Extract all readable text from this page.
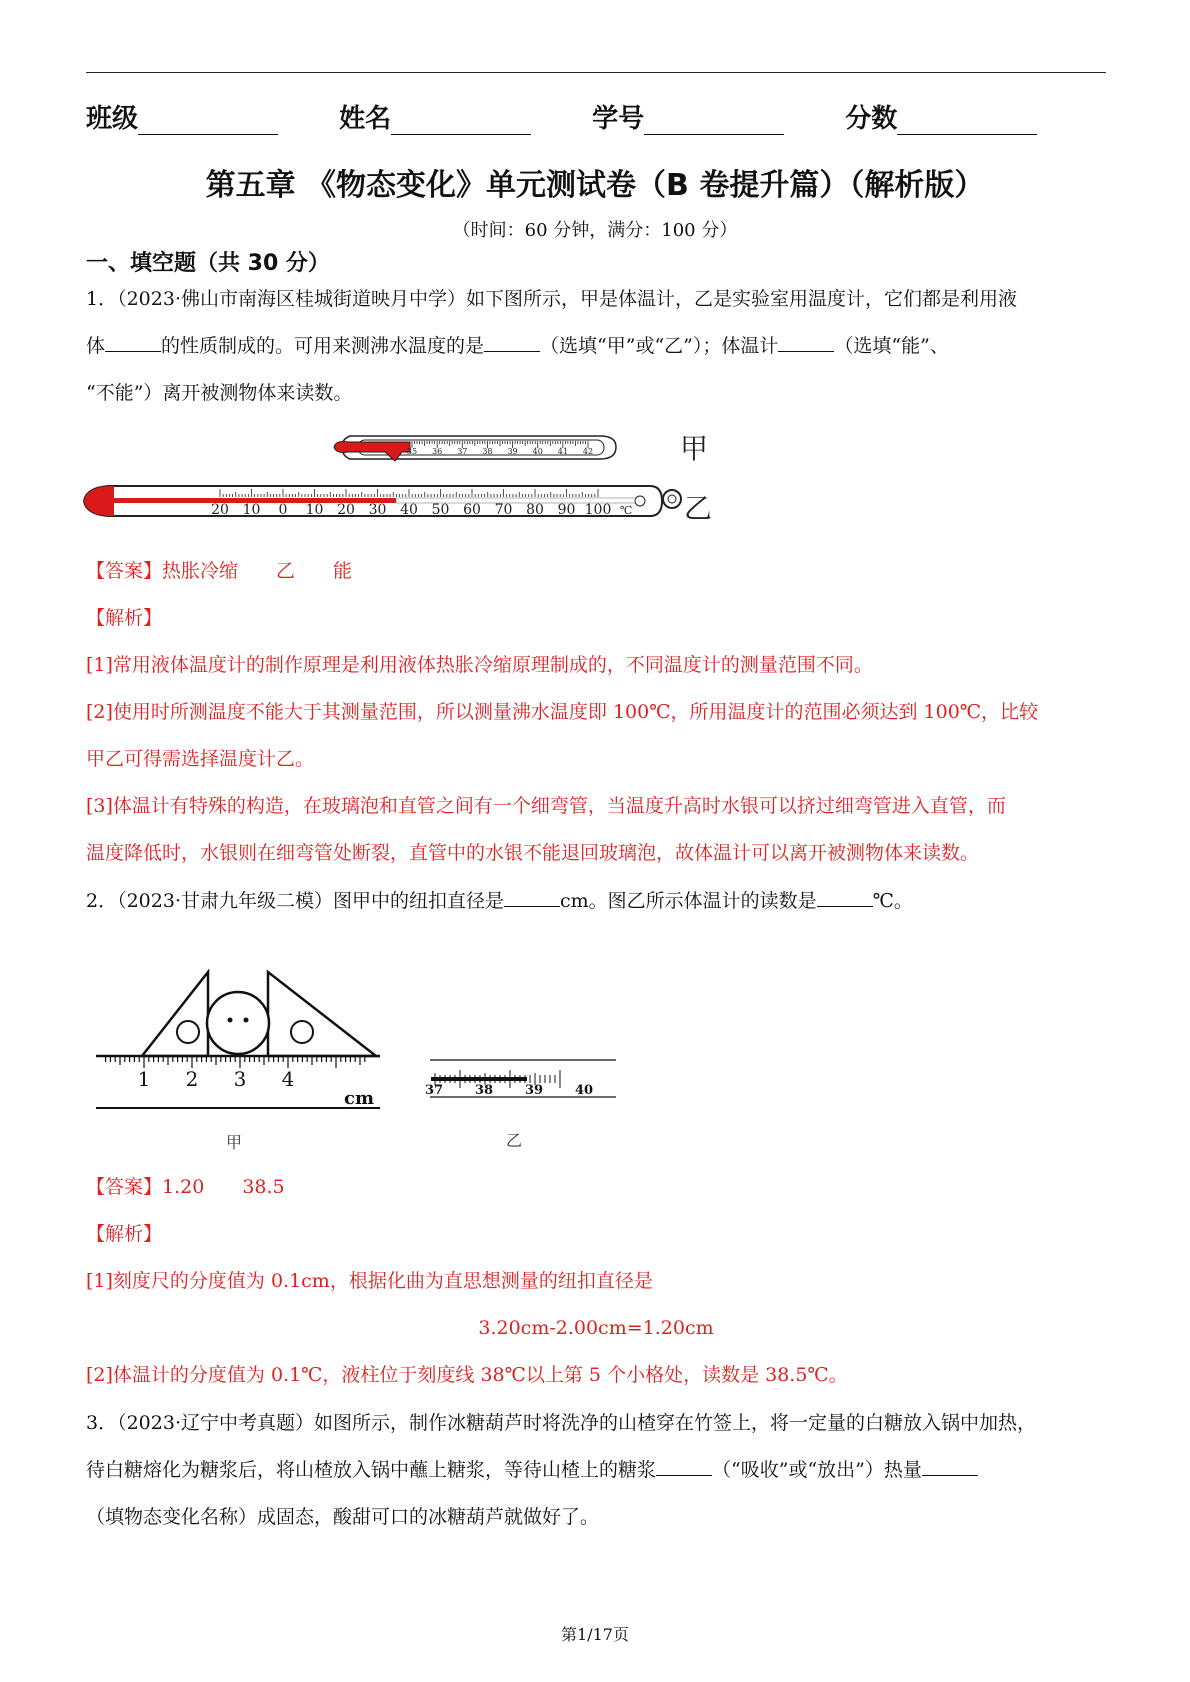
班级	姓名	学号	分数
第五章 《物态变化》单元测试卷（B 卷提升篇）（解析版）
（时间：60 分钟，满分：100 分）
一、填空题（共 30 分）
1．（2023·佛山市南海区桂城街道映月中学）如下图所示，甲是体温计，乙是实验室用温度计，它们都是利用液
体	的性质制成的。可用来测沸水温度的是	（选填“甲”或“乙”）；体温计	（选填“能”、
“不能”）离开被测物体来读数。
35 36 37 38 39 40 41 42	甲
20 10 0 10 20 30 40 50 60 70 80 90 100 ℃ 乙
【答案】热胀冷缩　　乙　　能
【解析】
[1]常用液体温度计的制作原理是利用液体热胀冷缩原理制成的，不同温度计的测量范围不同。
[2]使用时所测温度不能大于其测量范围，所以测量沸水温度即 100℃，所用温度计的范围必须达到 100℃，比较
甲乙可得需选择温度计乙。
[3]体温计有特殊的构造，在玻璃泡和直管之间有一个细弯管，当温度升高时水银可以挤过细弯管进入直管，而
温度降低时，水银则在细弯管处断裂，直管中的水银不能退回玻璃泡，故体温计可以离开被测物体来读数。
2．（2023·甘肃九年级二模）图甲中的纽扣直径是	cm。图乙所示体温计的读数是	℃。
1 2 3 4
cm
甲
37 38 39 40
乙
【答案】1.20　　38.5
【解析】
[1]刻度尺的分度值为 0.1cm，根据化曲为直思想测量的纽扣直径是
3.20cm-2.00cm=1.20cm
[2]体温计的分度值为 0.1℃，液柱位于刻度线 38℃以上第 5 个小格处，读数是 38.5℃。
3．（2023·辽宁中考真题）如图所示，制作冰糖葫芦时将洗净的山楂穿在竹签上，将一定量的白糖放入锅中加热，
待白糖熔化为糖浆后，将山楂放入锅中蘸上糖浆，等待山楂上的糖浆	（“吸收”或“放出”）热量
（填物态变化名称）成固态，酸甜可口的冰糖葫芦就做好了。
第1/17页
